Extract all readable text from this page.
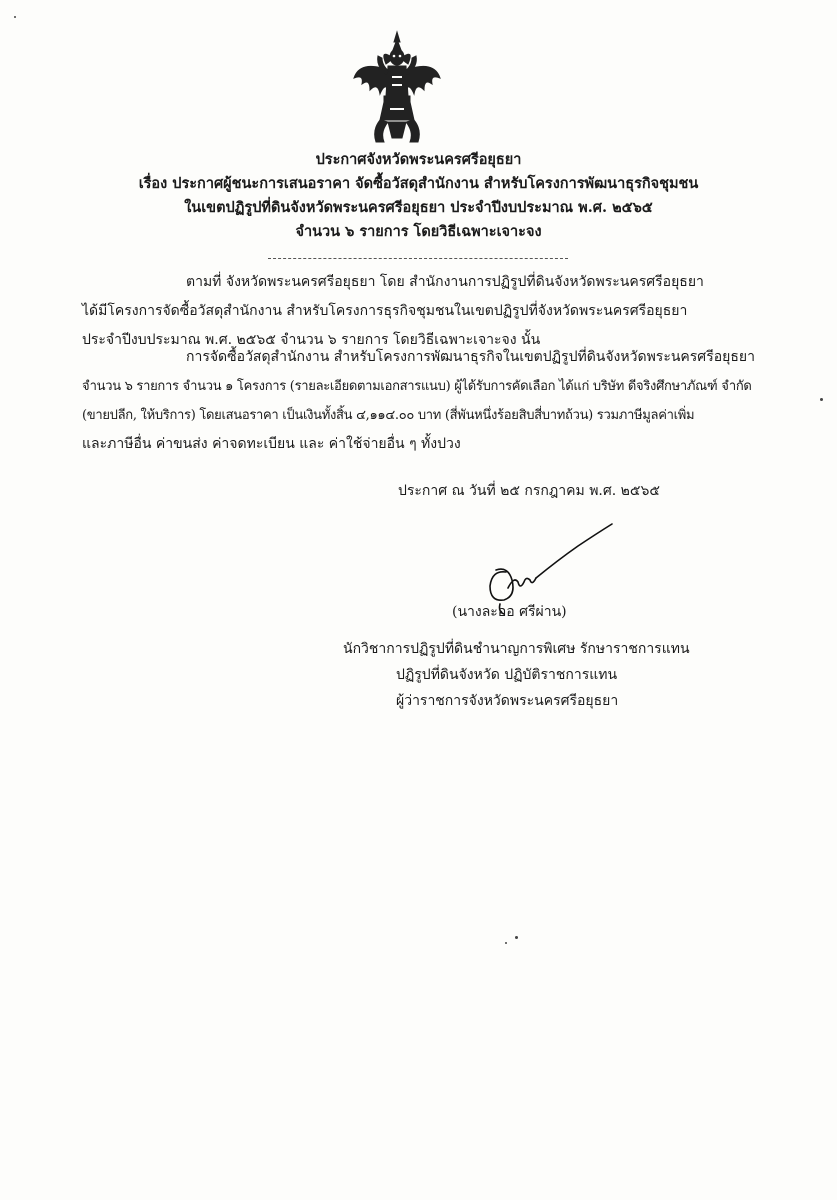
ประกาศจังหวัดพระนครศรีอยุธยา
เรื่อง ประกาศผู้ชนะการเสนอราคา จัดซื้อวัสดุสำนักงาน สำหรับโครงการพัฒนาธุรกิจชุมชน
ในเขตปฏิรูปที่ดินจังหวัดพระนครศรีอยุธยา ประจำปีงบประมาณ พ.ศ. ๒๕๖๕
จำนวน ๖ รายการ โดยวิธีเฉพาะเจาะจง
ตามที่ จังหวัดพระนครศรีอยุธยา โดย สำนักงานการปฏิรูปที่ดินจังหวัดพระนครศรีอยุธยา
ได้มีโครงการจัดซื้อวัสดุสำนักงาน สำหรับโครงการธุรกิจชุมชนในเขตปฏิรูปที่จังหวัดพระนครศรีอยุธยา
ประจำปีงบประมาณ พ.ศ. ๒๕๖๕ จำนวน ๖ รายการ โดยวิธีเฉพาะเจาะจง นั้น
การจัดซื้อวัสดุสำนักงาน สำหรับโครงการพัฒนาธุรกิจในเขตปฏิรูปที่ดินจังหวัดพระนครศรีอยุธยา
จำนวน ๖ รายการ จำนวน ๑ โครงการ (รายละเอียดตามเอกสารแนบ) ผู้ได้รับการคัดเลือก ได้แก่ บริษัท ดีจริงศึกษาภัณฑ์ จำกัด
(ขายปลีก, ให้บริการ) โดยเสนอราคา เป็นเงินทั้งสิ้น ๔,๑๑๔.๐๐ บาท (สี่พันหนึ่งร้อยสิบสี่บาทถ้วน) รวมภาษีมูลค่าเพิ่ม
และภาษีอื่น ค่าขนส่ง ค่าจดทะเบียน และ ค่าใช้จ่ายอื่น ๆ ทั้งปวง
ประกาศ ณ วันที่ ๒๕ กรกฎาคม พ.ศ. ๒๕๖๕
(นางละออ ศรีผ่าน)
นักวิชาการปฏิรูปที่ดินชำนาญการพิเศษ รักษาราชการแทน
ปฏิรูปที่ดินจังหวัด ปฏิบัติราชการแทน
ผู้ว่าราชการจังหวัดพระนครศรีอยุธยา
